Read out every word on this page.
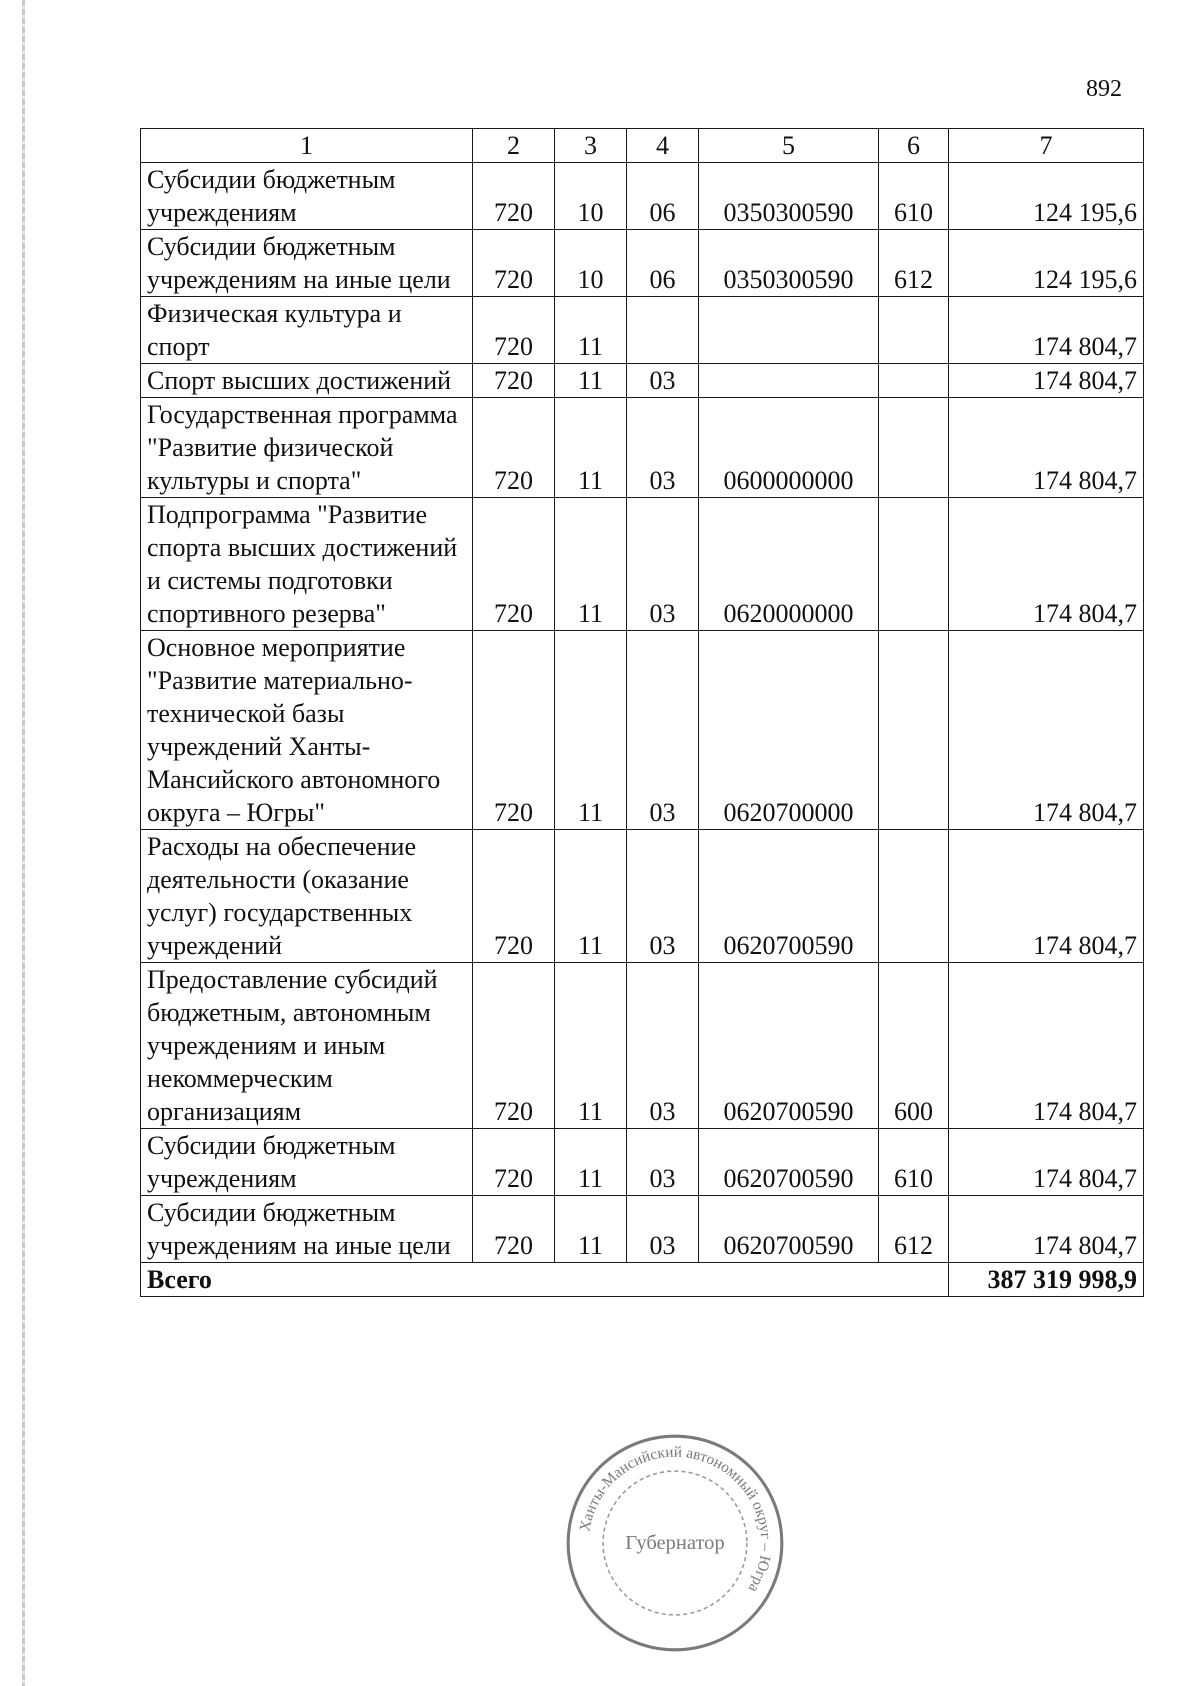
892
1	2	3	4	5	6	7
Субсидии бюджетным учреждениям	720	10	06	0350300590	610	124 195,6
Субсидии бюджетным учреждениям на иные цели	720	10	06	0350300590	612	124 195,6
Физическая культура и спорт	720	11				174 804,7
Спорт высших достижений	720	11	03			174 804,7
Государственная программа "Развитие физической культуры и спорта"	720	11	03	0600000000		174 804,7
Подпрограмма "Развитие спорта высших достижений и системы подготовки спортивного резерва"	720	11	03	0620000000		174 804,7
Основное мероприятие "Развитие материально-технической базы учреждений Ханты-Мансийского автономного округа – Югры"	720	11	03	0620700000		174 804,7
Расходы на обеспечение деятельности (оказание услуг) государственных учреждений	720	11	03	0620700590		174 804,7
Предоставление субсидий бюджетным, автономным учреждениям и иным некоммерческим организациям	720	11	03	0620700590	600	174 804,7
Субсидии бюджетным учреждениям	720	11	03	0620700590	610	174 804,7
Субсидии бюджетным учреждениям на иные цели	720	11	03	0620700590	612	174 804,7
Всего						387 319 998,9
Ханты-Мансийский автономный округ – Югра
Губернатор
